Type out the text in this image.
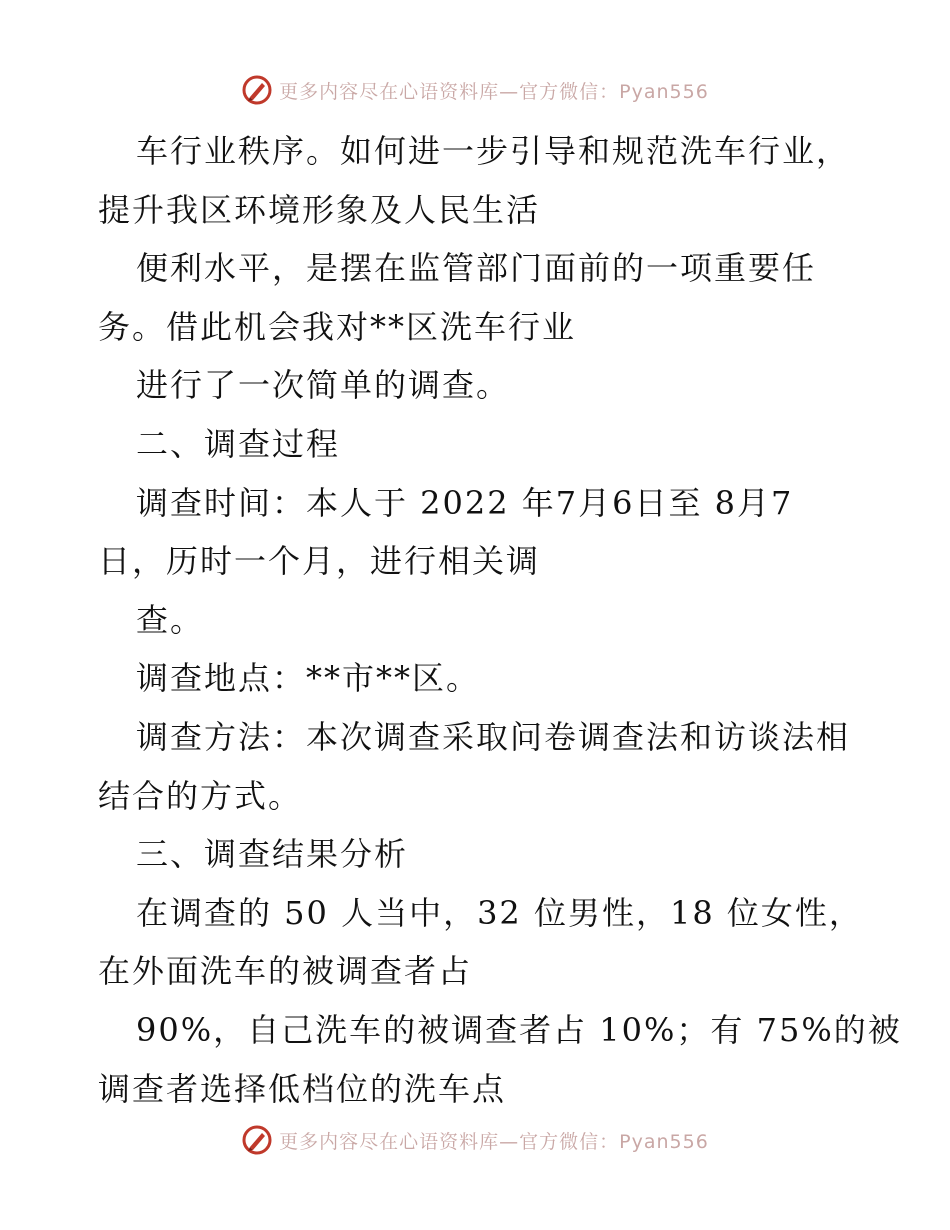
更多内容尽在心语资料库—官方微信：Pyan556
车行业秩序。如何进一步引导和规范洗车行业，
提升我区环境形象及人民生活
便利水平，是摆在监管部门面前的一项重要任
务。借此机会我对**区洗车行业
进行了一次简单的调查。
二、调查过程
调查时间：本人于 2022 年7月6日至 8月7
日，历时一个月，进行相关调
查。
调查地点：**市**区。
调查方法：本次调查采取问卷调查法和访谈法相
结合的方式。
三、调查结果分析
在调查的 50 人当中，32 位男性，18 位女性，
在外面洗车的被调查者占
90%，自己洗车的被调查者占 10%；有 75%的被
调查者选择低档位的洗车点
更多内容尽在心语资料库—官方微信：Pyan556
